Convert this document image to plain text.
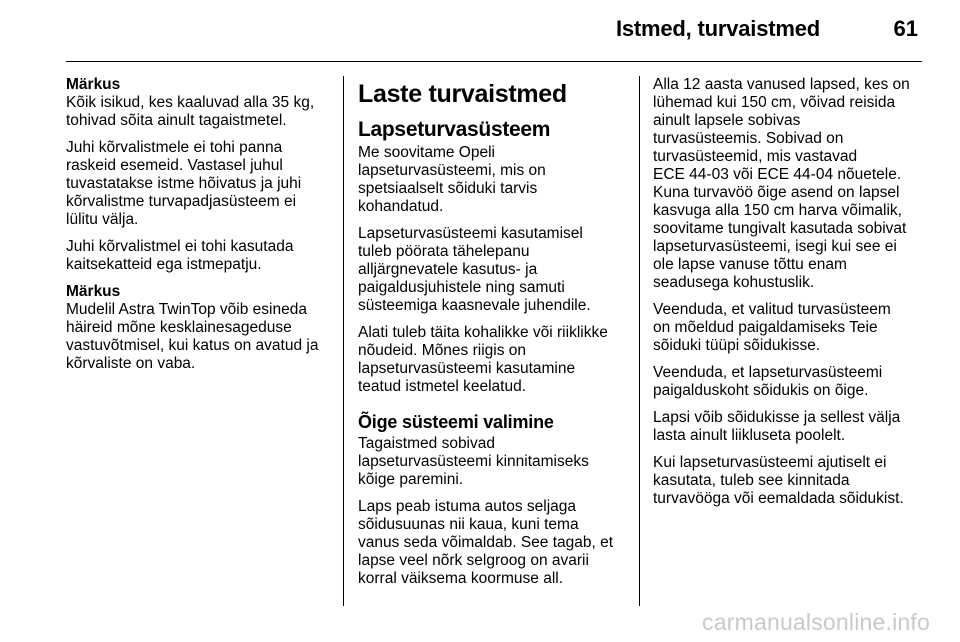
Istmed, turvaistmed	61
Märkus

Kõik isikud, kes kaaluvad alla 35 kg,
tohivad sõita ainult tagaistmetel.

Juhi kõrvalistmele ei tohi panna
raskeid esemeid. Vastasel juhul
tuvastatakse istme hõivatus ja juhi
kõrvalistme turvapadjasüsteem ei
lülitu välja.

Juhi kõrvalistmel ei tohi kasutada
kaitsekatteid ega istmepatju.

Märkus

Mudelil Astra TwinTop võib esineda
häireid mõne kesklainesageduse
vastuvõtmisel, kui katus on avatud ja
kõrvaliste on vaba.

Laste turvaistmed
Lapseturvasüsteem

Me soovitame Opeli
lapseturvasüsteemi, mis on
spetsiaalselt sõiduki tarvis
kohandatud.

Lapseturvasüsteemi kasutamisel
tuleb pöörata tähelepanu
alljärgnevatele kasutus- ja
paigaldusjuhistele ning samuti
süsteemiga kaasnevale juhendile.

Alati tuleb täita kohalikke või riiklikke
nõudeid. Mõnes riigis on
lapseturvasüsteemi kasutamine
teatud istmetel keelatud.

Õige süsteemi valimine

Tagaistmed sobivad
lapseturvasüsteemi kinnitamiseks
kõige paremini.

Laps peab istuma autos seljaga
sõidusuunas nii kaua, kuni tema
vanus seda võimaldab. See tagab, et
lapse veel nõrk selgroog on avarii
korral väiksema koormuse all.

Alla 12 aasta vanused lapsed, kes on
lühemad kui 150 cm, võivad reisida
ainult lapsele sobivas
turvasüsteemis. Sobivad on
turvasüsteemid, mis vastavad
ECE 44-03 või ECE 44-04 nõuetele.
Kuna turvavöö õige asend on lapsel
kasvuga alla 150 cm harva võimalik,
soovitame tungivalt kasutada sobivat
lapseturvasüsteemi, isegi kui see ei
ole lapse vanuse tõttu enam
seadusega kohustuslik.

Veenduda, et valitud turvasüsteem
on mõeldud paigaldamiseks Teie
sõiduki tüüpi sõidukisse.

Veenduda, et lapseturvasüsteemi
paigalduskoht sõidukis on õige.

Lapsi võib sõidukisse ja sellest välja
lasta ainult liikluseta poolelt.

Kui lapseturvasüsteemi ajutiselt ei
kasutata, tuleb see kinnitada
turvavööga või eemaldada sõidukist.

carmanualsonline.info
